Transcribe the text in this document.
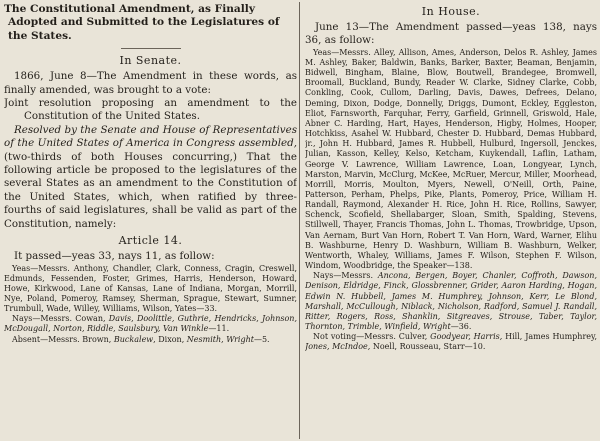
The Constitutional Amendment, as Finally Adopted and Submitted to the Legislatures of the States.

In Senate.

1866, June 8—The Amendment in these words, as finally amended, was brought to a vote:

Joint resolution proposing an amendment to the Constitution of the United States.

Resolved by the Senate and House of Representatives of the United States of America in Congress assembled, (two-thirds of both Houses concurring,) That the following article be proposed to the legislatures of the several States as an amendment to the Constitution of the United States, which, when ratified by three-fourths of said legislatures, shall be valid as part of the Constitution, namely:

Article 14.

It passed—yeas 33, nays 11, as follow:

Yeas—Messrs. Anthony, Chandler, Clark, Conness, Cragin, Creswell, Edmunds, Fessenden, Foster, Grimes, Harris, Henderson, Howard, Howe, Kirkwood, Lane of Kansas, Lane of Indiana, Morgan, Morrill, Nye, Poland, Pomeroy, Ramsey, Sherman, Sprague, Stewart, Sumner, Trumbull, Wade, Willey, Williams, Wilson, Yates—33.

Nays—Messrs. Cowan, Davis, Doolittle, Guthrie, Hendricks, Johnson, McDougall, Norton, Riddle, Saulsbury, Van Winkle—11.

Absent—Messrs. Brown, Buckalew, Dixon, Nesmith, Wright—5.

In House.

June 13—The Amendment passed—yeas 138, nays 36, as follow:

Yeas—Messrs. Alley, Allison, Ames, Anderson, Delos R. Ashley, James M. Ashley, Baker, Baldwin, Banks, Barker, Baxter, Beaman, Benjamin, Bidwell, Bingham, Blaine, Blow, Boutwell, Brandegee, Bromwell, Broomall, Buckland, Bundy, Reader W. Clarke, Sidney Clarke, Cobb, Conkling, Cook, Cullom, Darling, Davis, Dawes, Defrees, Delano, Deming, Dixon, Dodge, Donnelly, Driggs, Dumont, Eckley, Eggleston, Eliot, Farnsworth, Farquhar, Ferry, Garfield, Grinnell, Griswold, Hale, Abner C. Harding, Hart, Hayes, Henderson, Higby, Holmes, Hooper, Hotchkiss, Asahel W. Hubbard, Chester D. Hubbard, Demas Hubbard, jr., John H. Hubbard, James R. Hubbell, Hulburd, Ingersoll, Jenckes, Julian, Kasson, Kelley, Kelso, Ketcham, Kuykendall, Laflin, Latham, George V. Lawrence, William Lawrence, Loan, Longyear, Lynch, Marston, Marvin, McClurg, McKee, McRuer, Mercur, Miller, Moorhead, Morrill, Morris, Moulton, Myers, Newell, O'Neill, Orth, Paine, Patterson, Perham, Phelps, Pike, Plants, Pomeroy, Price, William H. Randall, Raymond, Alexander H. Rice, John H. Rice, Rollins, Sawyer, Schenck, Scofield, Shellabarger, Sloan, Smith, Spalding, Stevens, Stillwell, Thayer, Francis Thomas, John L. Thomas, Trowbridge, Upson, Van Aernam, Burt Van Horn, Robert T. Van Horn, Ward, Warner, Elihu B. Washburne, Henry D. Washburn, William B. Washburn, Welker, Wentworth, Whaley, Williams, James F. Wilson, Stephen F. Wilson, Windom, Woodbridge, the Speaker—138.

Nays—Messrs. Ancona, Bergen, Boyer, Chanler, Coffroth, Dawson, Denison, Eldridge, Finck, Glossbrenner, Grider, Aaron Harding, Hogan, Edwin N. Hubbell, James M. Humphrey, Johnson, Kerr, Le Blond, Marshall, McCullough, Niblack, Nicholson, Radford, Samuel J. Randall, Ritter, Rogers, Ross, Shanklin, Sitgreaves, Strouse, Taber, Taylor, Thornton, Trimble, Winfield, Wright—36.

Not voting—Messrs. Culver, Goodyear, Harris, Hill, James Humphrey, Jones, McIndoe, Noell, Rousseau, Starr—10.
